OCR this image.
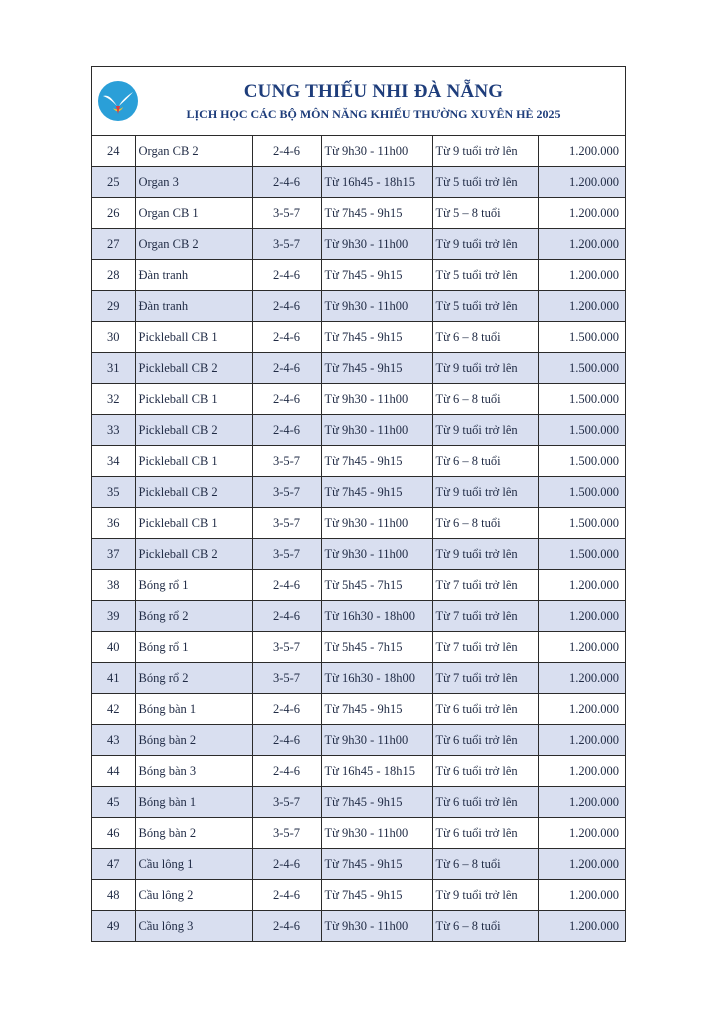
CUNG THIẾU NHI ĐÀ NẴNG
LỊCH HỌC CÁC BỘ MÔN NĂNG KHIẾU THƯỜNG XUYÊN HÈ 2025
24	Organ CB 2	2-4-6	Từ 9h30 - 11h00	Từ 9 tuổi trở lên	1.200.000
25	Organ 3	2-4-6	Từ 16h45 - 18h15	Từ 5 tuổi trở lên	1.200.000
26	Organ CB 1	3-5-7	Từ 7h45 - 9h15	Từ 5 – 8 tuổi	1.200.000
27	Organ CB 2	3-5-7	Từ 9h30 - 11h00	Từ 9 tuổi trở lên	1.200.000
28	Đàn tranh	2-4-6	Từ 7h45 - 9h15	Từ 5 tuổi trở lên	1.200.000
29	Đàn tranh	2-4-6	Từ 9h30 - 11h00	Từ 5 tuổi trở lên	1.200.000
30	Pickleball CB 1	2-4-6	Từ 7h45 - 9h15	Từ 6 – 8 tuổi	1.500.000
31	Pickleball CB 2	2-4-6	Từ 7h45 - 9h15	Từ 9 tuổi trở lên	1.500.000
32	Pickleball CB 1	2-4-6	Từ 9h30 - 11h00	Từ 6 – 8 tuổi	1.500.000
33	Pickleball CB 2	2-4-6	Từ 9h30 - 11h00	Từ 9 tuổi trở lên	1.500.000
34	Pickleball CB 1	3-5-7	Từ 7h45 - 9h15	Từ 6 – 8 tuổi	1.500.000
35	Pickleball CB 2	3-5-7	Từ 7h45 - 9h15	Từ 9 tuổi trở lên	1.500.000
36	Pickleball CB 1	3-5-7	Từ 9h30 - 11h00	Từ 6 – 8 tuổi	1.500.000
37	Pickleball CB 2	3-5-7	Từ 9h30 - 11h00	Từ 9 tuổi trở lên	1.500.000
38	Bóng rổ 1	2-4-6	Từ 5h45 - 7h15	Từ 7 tuổi trở lên	1.200.000
39	Bóng rổ 2	2-4-6	Từ 16h30 - 18h00	Từ 7 tuổi trở lên	1.200.000
40	Bóng rổ 1	3-5-7	Từ 5h45 - 7h15	Từ 7 tuổi trở lên	1.200.000
41	Bóng rổ 2	3-5-7	Từ 16h30 - 18h00	Từ 7 tuổi trở lên	1.200.000
42	Bóng bàn 1	2-4-6	Từ 7h45 - 9h15	Từ 6 tuổi trở lên	1.200.000
43	Bóng bàn 2	2-4-6	Từ 9h30 - 11h00	Từ 6 tuổi trở lên	1.200.000
44	Bóng bàn 3	2-4-6	Từ 16h45 - 18h15	Từ 6 tuổi trở lên	1.200.000
45	Bóng bàn 1	3-5-7	Từ 7h45 - 9h15	Từ 6 tuổi trở lên	1.200.000
46	Bóng bàn 2	3-5-7	Từ 9h30 - 11h00	Từ 6 tuổi trở lên	1.200.000
47	Cầu lông 1	2-4-6	Từ 7h45 - 9h15	Từ 6 – 8 tuổi	1.200.000
48	Cầu lông 2	2-4-6	Từ 7h45 - 9h15	Từ 9 tuổi trở lên	1.200.000
49	Cầu lông 3	2-4-6	Từ 9h30 - 11h00	Từ 6 – 8 tuổi	1.200.000
